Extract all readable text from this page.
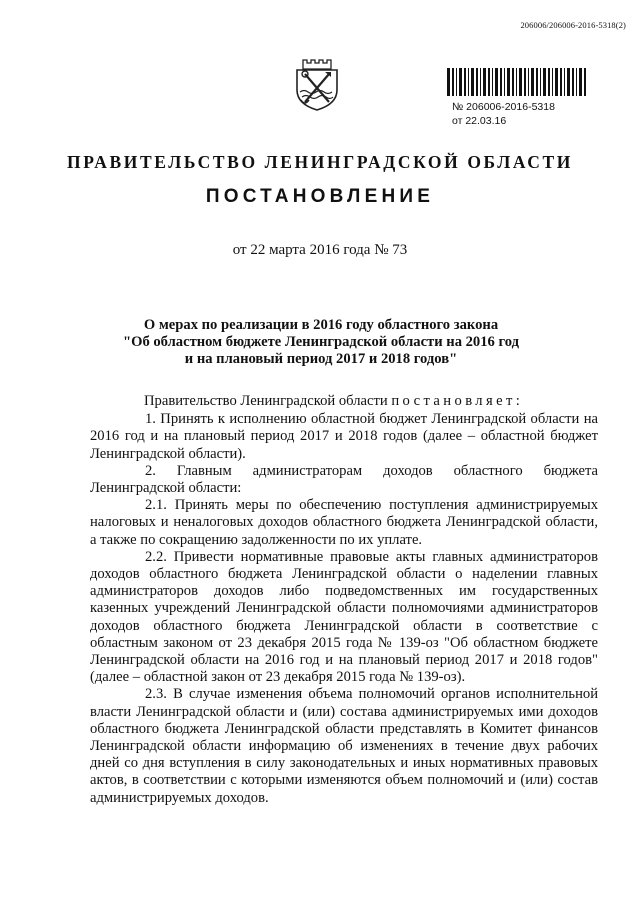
206006/206006-2016-5318(2)
№ 206006-2016-5318
от 22.03.16
ПРАВИТЕЛЬСТВО ЛЕНИНГРАДСКОЙ ОБЛАСТИ
ПОСТАНОВЛЕНИЕ
от 22 марта 2016 года № 73
О мерах по реализации в 2016 году областного закона
"Об областном бюджете Ленинградской области на 2016 год
и на плановый период 2017 и 2018 годов"

Правительство Ленинградской области постановляет:

1. Принять к исполнению областной бюджет Ленинградской области на 2016 год и на плановый период 2017 и 2018 годов (далее – областной бюджет Ленинградской области).

2. Главным администраторам доходов областного бюджета Ленинградской области:

2.1. Принять меры по обеспечению поступления администрируемых налоговых и неналоговых доходов областного бюджета Ленинградской области, а также по сокращению задолженности по их уплате.

2.2. Привести нормативные правовые акты главных администраторов доходов областного бюджета Ленинградской области о наделении главных администраторов доходов либо подведомственных им государственных казенных учреждений Ленинградской области полномочиями администраторов доходов областного бюджета Ленинградской области в соответствие с областным законом от 23 декабря 2015 года № 139-оз "Об областном бюджете Ленинградской области на 2016 год и на плановый период 2017 и 2018 годов" (далее – областной закон от 23 декабря 2015 года № 139-оз).

2.3. В случае изменения объема полномочий органов исполнительной власти Ленинградской области и (или) состава администрируемых ими доходов областного бюджета Ленинградской области представлять в Комитет финансов Ленинградской области информацию об изменениях в течение двух рабочих дней со дня вступления в силу законодательных и иных нормативных правовых актов, в соответствии с которыми изменяются объем полномочий и (или) состав администрируемых доходов.
